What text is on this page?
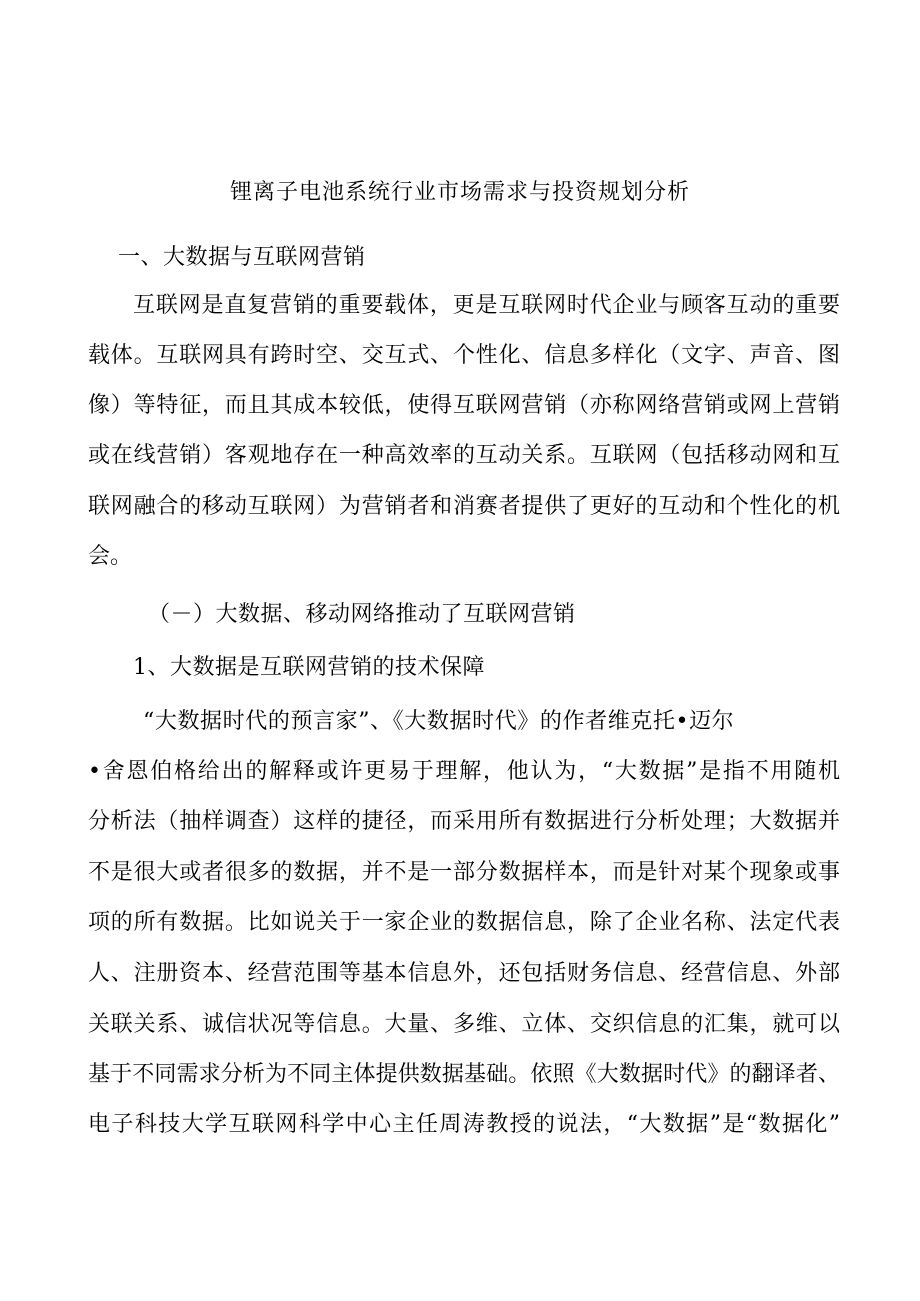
锂离子电池系统行业市场需求与投资规划分析
一、大数据与互联网营销
互联网是直复营销的重要载体，更是互联网时代企业与顾客互动的重要
载体。互联网具有跨时空、交互式、个性化、信息多样化（文字、声音、图
像）等特征，而且其成本较低，使得互联网营销（亦称网络营销或网上营销
或在线营销）客观地存在一种高效率的互动关系。互联网（包括移动网和互
联网融合的移动互联网）为营销者和消赛者提供了更好的互动和个性化的机
会。
（－）大数据、移动网络推动了互联网营销
1、大数据是互联网营销的技术保障
“大数据时代的预言家”、《大数据时代》的作者维克托•迈尔
•舍恩伯格给出的解释或许更易于理解，他认为，“大数据”是指不用随机
分析法（抽样调查）这样的捷径，而采用所有数据进行分析处理；大数据并
不是很大或者很多的数据，并不是一部分数据样本，而是针对某个现象或事
项的所有数据。比如说关于一家企业的数据信息，除了企业名称、法定代表
人、注册资本、经营范围等基本信息外，还包括财务信息、经营信息、外部
关联关系、诚信状况等信息。大量、多维、立体、交织信息的汇集，就可以
基于不同需求分析为不同主体提供数据基础。依照《大数据时代》的翻译者、
电子科技大学互联网科学中心主任周涛教授的说法，“大数据”是“数据化”
